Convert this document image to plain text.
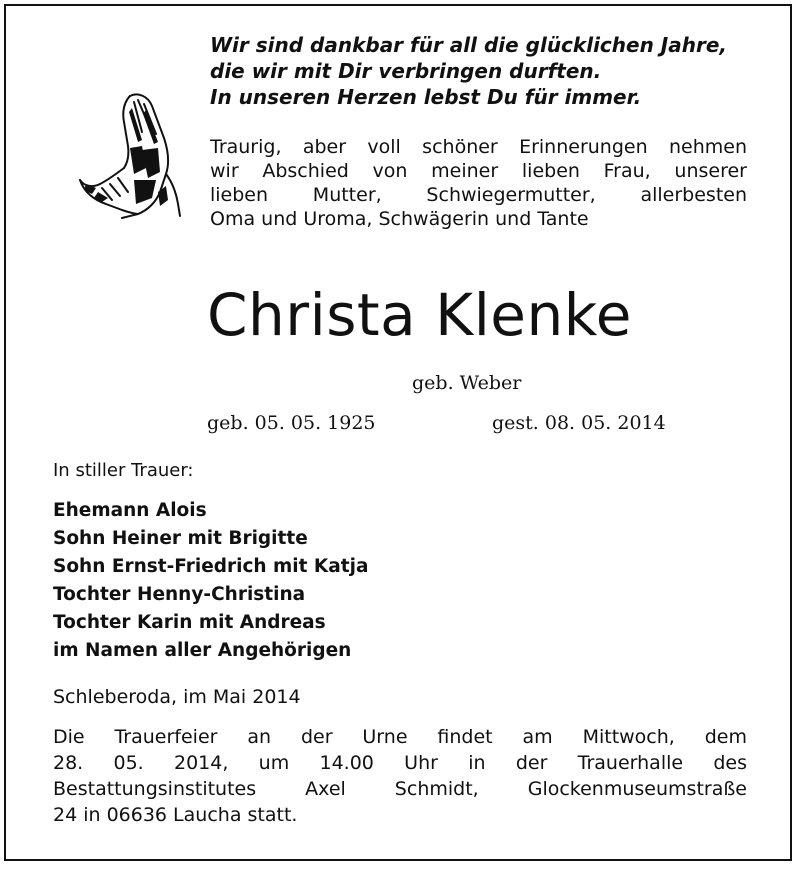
Wir sind dankbar für all die glücklichen Jahre,
die wir mit Dir verbringen durften.
In unseren Herzen lebst Du für immer.
Traurig, aber voll schöner Erinnerungen nehmen
wir Abschied von meiner lieben Frau, unserer
lieben Mutter, Schwiegermutter, allerbesten
Oma und Uroma, Schwägerin und Tante
Christa Klenke
geb. Weber
geb. 05. 05. 1925	gest. 08. 05. 2014
In stiller Trauer:
Ehemann Alois
Sohn Heiner mit Brigitte
Sohn Ernst-Friedrich mit Katja
Tochter Henny-Christina
Tochter Karin mit Andreas
im Namen aller Angehörigen
Schleberoda, im Mai 2014
Die Trauerfeier an der Urne findet am Mittwoch, dem
28. 05. 2014, um 14.00 Uhr in der Trauerhalle des
Bestattungsinstitutes Axel Schmidt, Glockenmuseumstraße
24 in 06636 Laucha statt.
